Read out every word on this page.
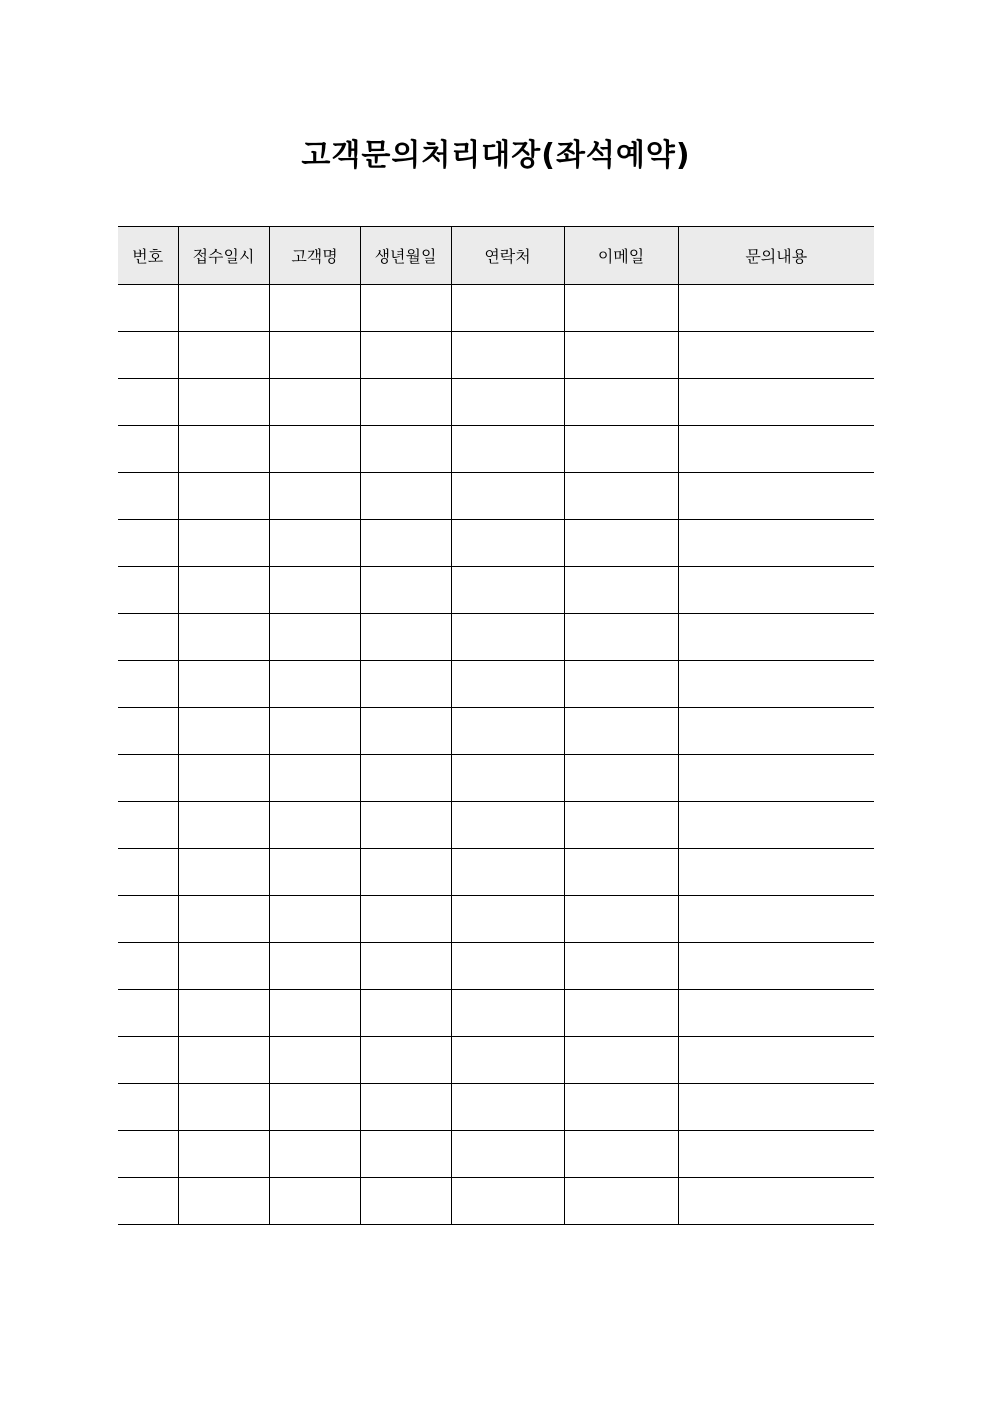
고객문의처리대장(좌석예약)
번호	접수일시	고객명	생년월일	연락처	이메일	문의내용
